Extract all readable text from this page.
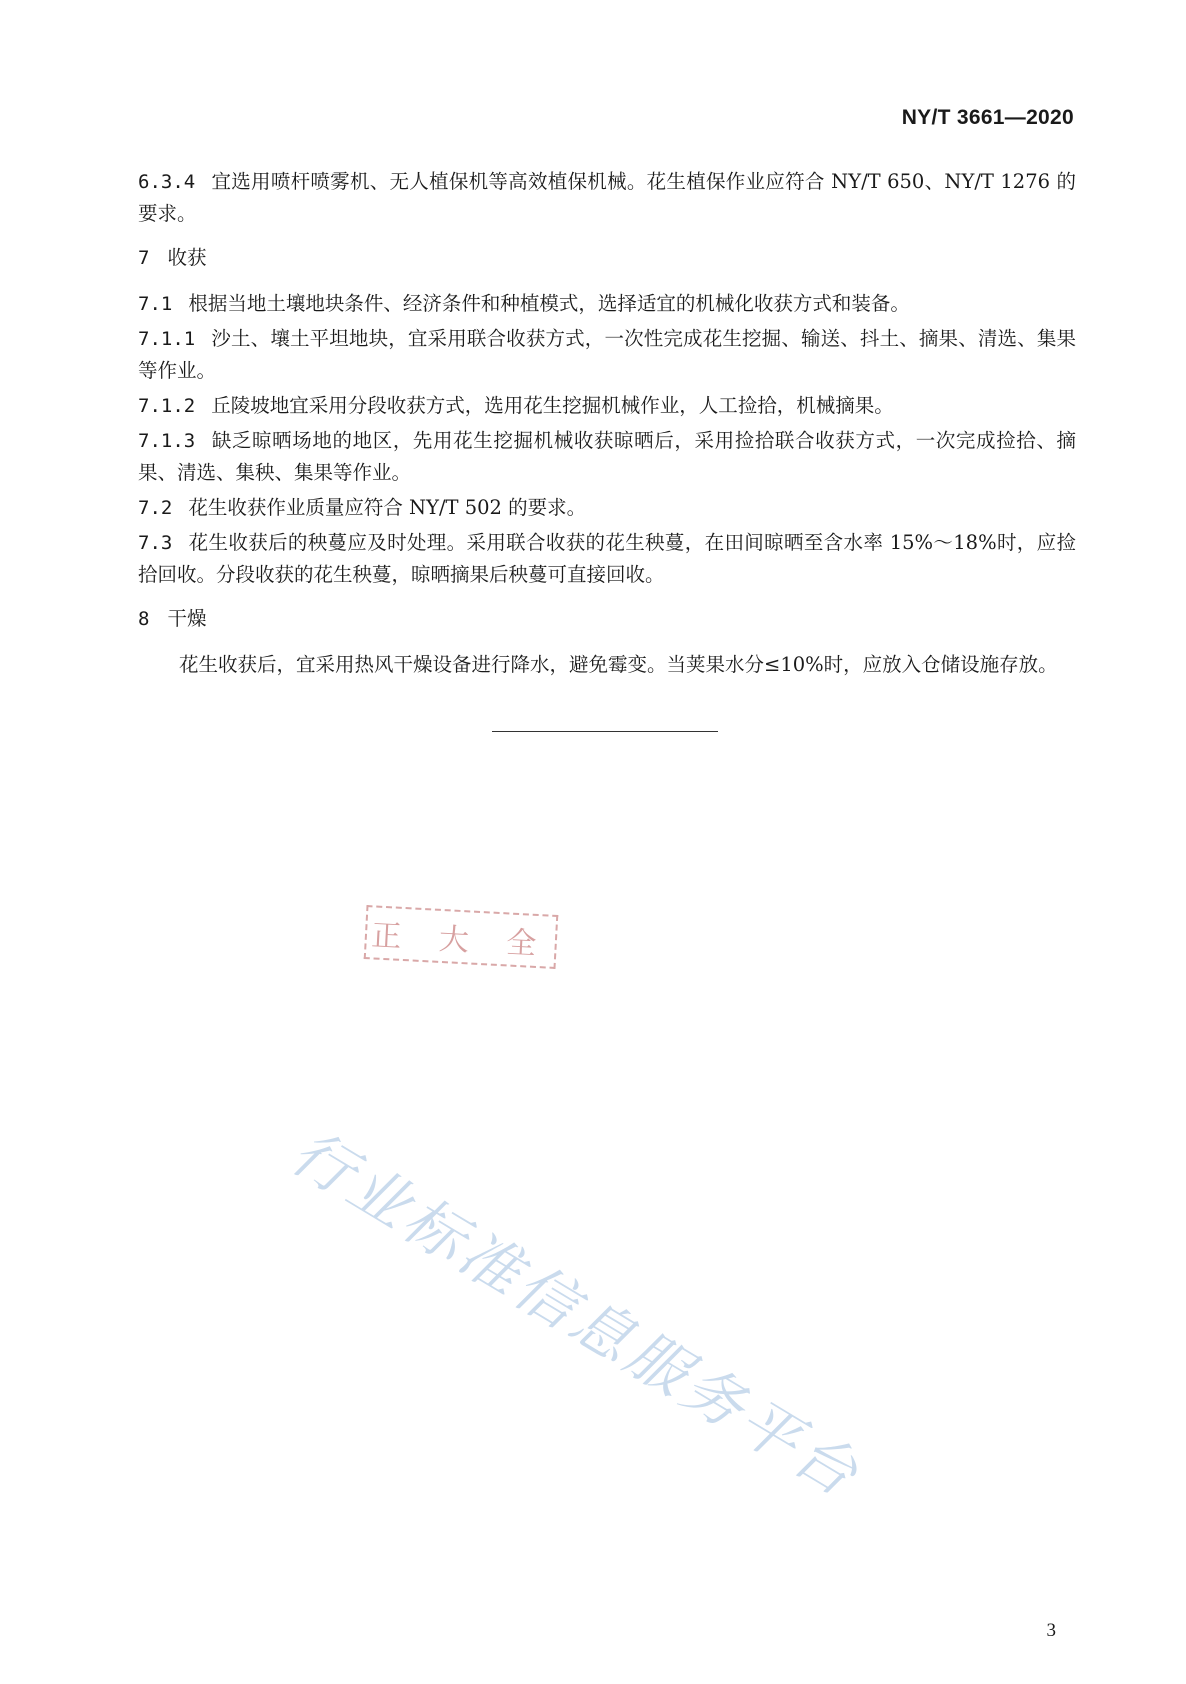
NY/T 3661—2020

6.3.4 宜选用喷杆喷雾机、无人植保机等高效植保机械。花生植保作业应符合 NY/T 650、NY/T 1276 的要求。

7 收获

7.1 根据当地土壤地块条件、经济条件和种植模式，选择适宜的机械化收获方式和装备。

7.1.1 沙土、壤土平坦地块，宜采用联合收获方式，一次性完成花生挖掘、输送、抖土、摘果、清选、集果等作业。

7.1.2 丘陵坡地宜采用分段收获方式，选用花生挖掘机械作业，人工捡拾，机械摘果。

7.1.3 缺乏晾晒场地的地区，先用花生挖掘机械收获晾晒后，采用捡拾联合收获方式，一次完成捡拾、摘果、清选、集秧、集果等作业。

7.2 花生收获作业质量应符合 NY/T 502 的要求。

7.3 花生收获后的秧蔓应及时处理。采用联合收获的花生秧蔓，在田间晾晒至含水率 15%～18%时，应捡拾回收。分段收获的花生秧蔓，晾晒摘果后秧蔓可直接回收。

8 干燥

花生收获后，宜采用热风干燥设备进行降水，避免霉变。当荚果水分≤10%时，应放入仓储设施存放。

正 大 全
行业标准信息服务平台
3
